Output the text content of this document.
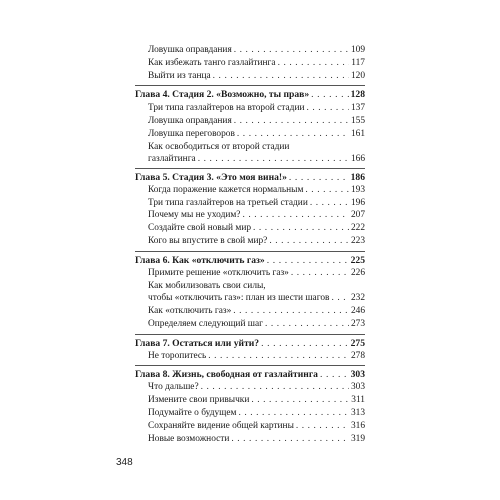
Ловушка оправдания . . .	109
Как избежать танго газлайтинга . . .	117
Выйти из танца . . .	120
Глава 4. Стадия 2. «Возможно, ты прав» . . .	128
Три типа газлайтеров на второй стадии . . .	137
Ловушка оправдания . . .	155
Ловушка переговоров . . .	161
Как освободиться от второй стадии
газлайтинга . . .	166
Глава 5. Стадия 3. «Это моя вина!» . . .	186
Когда поражение кажется нормальным . . .	193
Три типа газлайтеров на третьей стадии . . .	196
Почему мы не уходим? . . .	207
Создайте свой новый мир . . .	222
Кого вы впустите в свой мир? . . .	223
Глава 6. Как «отключить газ» . . .	225
Примите решение «отключить газ» . . .	226
Как мобилизовать свои силы,
чтобы «отключить газ»: план из шести шагов . . . 232
Как «отключить газ» . . .	246
Определяем следующий шаг . . .	273
Глава 7. Остаться или уйти? . . .	275
Не торопитесь . . .	278
Глава 8. Жизнь, свободная от газлайтинга . . .	303
Что дальше? . . .	303
Измените свои привычки . . .	311
Подумайте о будущем . . .	313
Сохраняйте видение общей картины . . .	316
Новые возможности . . .	319
348
